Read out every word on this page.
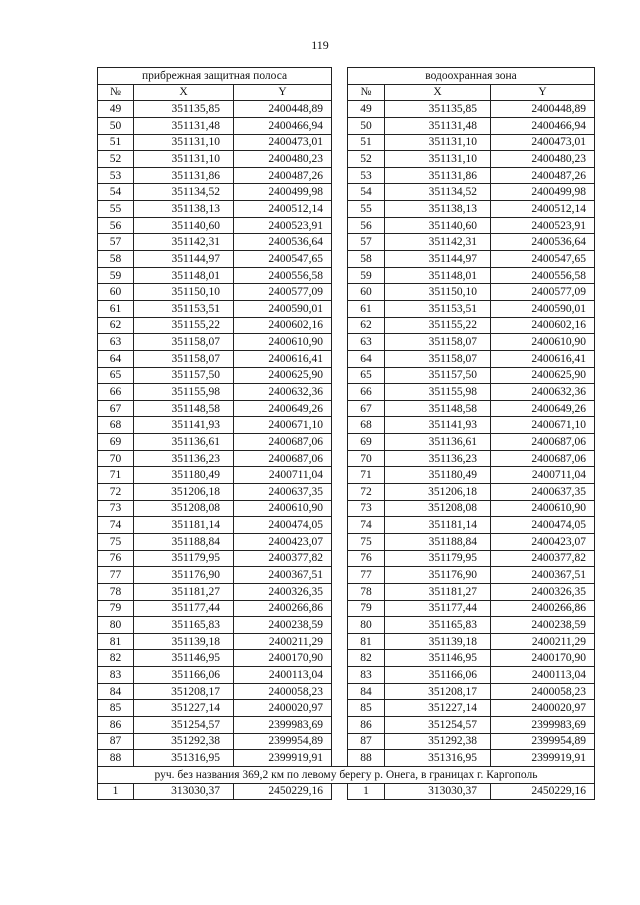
119
прибрежная защитная полоса				водоохранная зона		
№	X	Y		№	X	Y
49	351135,85	2400448,89		49	351135,85	2400448,89
50	351131,48	2400466,94		50	351131,48	2400466,94
51	351131,10	2400473,01		51	351131,10	2400473,01
52	351131,10	2400480,23		52	351131,10	2400480,23
53	351131,86	2400487,26		53	351131,86	2400487,26
54	351134,52	2400499,98		54	351134,52	2400499,98
55	351138,13	2400512,14		55	351138,13	2400512,14
56	351140,60	2400523,91		56	351140,60	2400523,91
57	351142,31	2400536,64		57	351142,31	2400536,64
58	351144,97	2400547,65		58	351144,97	2400547,65
59	351148,01	2400556,58		59	351148,01	2400556,58
60	351150,10	2400577,09		60	351150,10	2400577,09
61	351153,51	2400590,01		61	351153,51	2400590,01
62	351155,22	2400602,16		62	351155,22	2400602,16
63	351158,07	2400610,90		63	351158,07	2400610,90
64	351158,07	2400616,41		64	351158,07	2400616,41
65	351157,50	2400625,90		65	351157,50	2400625,90
66	351155,98	2400632,36		66	351155,98	2400632,36
67	351148,58	2400649,26		67	351148,58	2400649,26
68	351141,93	2400671,10		68	351141,93	2400671,10
69	351136,61	2400687,06		69	351136,61	2400687,06
70	351136,23	2400687,06		70	351136,23	2400687,06
71	351180,49	2400711,04		71	351180,49	2400711,04
72	351206,18	2400637,35		72	351206,18	2400637,35
73	351208,08	2400610,90		73	351208,08	2400610,90
74	351181,14	2400474,05		74	351181,14	2400474,05
75	351188,84	2400423,07		75	351188,84	2400423,07
76	351179,95	2400377,82		76	351179,95	2400377,82
77	351176,90	2400367,51		77	351176,90	2400367,51
78	351181,27	2400326,35		78	351181,27	2400326,35
79	351177,44	2400266,86		79	351177,44	2400266,86
80	351165,83	2400238,59		80	351165,83	2400238,59
81	351139,18	2400211,29		81	351139,18	2400211,29
82	351146,95	2400170,90		82	351146,95	2400170,90
83	351166,06	2400113,04		83	351166,06	2400113,04
84	351208,17	2400058,23		84	351208,17	2400058,23
85	351227,14	2400020,97		85	351227,14	2400020,97
86	351254,57	2399983,69		86	351254,57	2399983,69
87	351292,38	2399954,89		87	351292,38	2399954,89
88	351316,95	2399919,91		88	351316,95	2399919,91
руч. без названия 369,2 км по левому берегу р. Онега, в границах г. Каргополь						
1	313030,37	2450229,16		1	313030,37	2450229,16
